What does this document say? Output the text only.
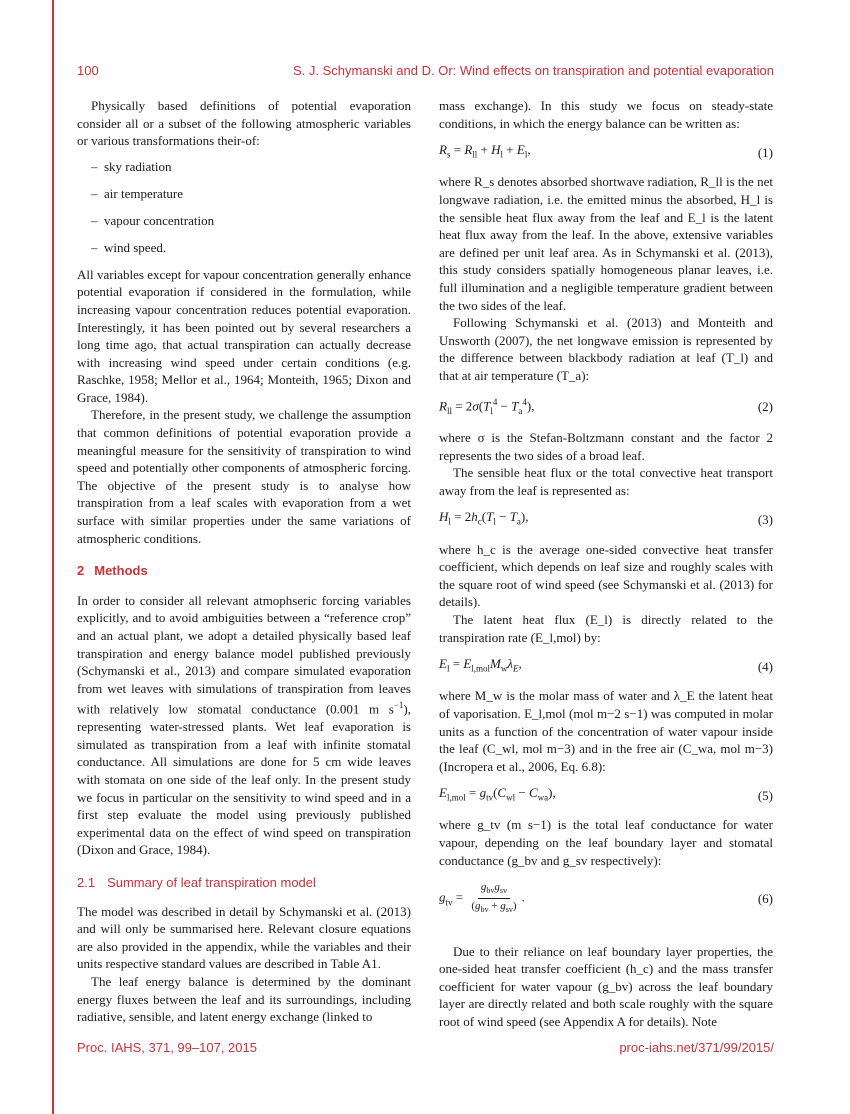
100	S. J. Schymanski and D. Or: Wind effects on transpiration and potential evaporation

Physically based definitions of potential evaporation consider all or a subset of the following atmospheric variables or various transformations their-of:

–  sky radiation
–  air temperature
–  vapour concentration
–  wind speed.

All variables except for vapour concentration generally enhance potential evaporation if considered in the formulation, while increasing vapour concentration reduces potential evaporation. Interestingly, it has been pointed out by several researchers a long time ago, that actual transpiration can actually decrease with increasing wind speed under certain conditions (e.g. Raschke, 1958; Mellor et al., 1964; Monteith, 1965; Dixon and Grace, 1984).

Therefore, in the present study, we challenge the assumption that common definitions of potential evaporation provide a meaningful measure for the sensitivity of transpiration to wind speed and potentially other components of atmospheric forcing. The objective of the present study is to analyse how transpiration from a leaf scales with evaporation from a wet surface with similar properties under the same variations of atmospheric conditions.

2 Methods

In order to consider all relevant atmophseric forcing variables explicitly, and to avoid ambiguities between a “reference crop” and an actual plant, we adopt a detailed physically based leaf transpiration and energy balance model published previously (Schymanski et al., 2013) and compare simulated evaporation from wet leaves with simulations of transpiration from leaves with relatively low stomatal conductance (0.001 m $s^{-1}$), representing water-stressed plants. Wet leaf evaporation is simulated as transpiration from a leaf with infinite stomatal conductance. All simulations are done for 5 cm wide leaves with stomata on one side of the leaf only. In the present study we focus in particular on the sensitivity to wind speed and in a first step evaluate the model using previously published experimental data on the effect of wind speed on transpiration (Dixon and Grace, 1984).

2.1 Summary of leaf transpiration model

The model was described in detail by Schymanski et al. (2013) and will only be summarised here. Relevant closure equations are also provided in the appendix, while the variables and their units respective standard values are described in Table A1.

The leaf energy balance is determined by the dominant energy fluxes between the leaf and its surroundings, including radiative, sensible, and latent energy exchange (linked to

mass exchange). In this study we focus on steady-state conditions, in which the energy balance can be written as:

$R_s = R_{ll} + H_l + E_l$,	(1)

where R_s denotes absorbed shortwave radiation, R_ll is the net longwave radiation, i.e. the emitted minus the absorbed, H_l is the sensible heat flux away from the leaf and E_l is the latent heat flux away from the leaf. In the above, extensive variables are defined per unit leaf area. As in Schymanski et al. (2013), this study considers spatially homogeneous planar leaves, i.e. full illumination and a negligible temperature gradient between the two sides of the leaf.

Following Schymanski et al. (2013) and Monteith and Unsworth (2007), the net longwave emission is represented by the difference between blackbody radiation at leaf (T_l) and that at air temperature (T_a):

$R_{ll} = 2\sigma(T_l^4 - T_a^4)$,	(2)

where σ is the Stefan-Boltzmann constant and the factor 2 represents the two sides of a broad leaf.

The sensible heat flux or the total convective heat transport away from the leaf is represented as:

$H_l = 2h_c(T_l - T_a)$,	(3)

where h_c is the average one-sided convective heat transfer coefficient, which depends on leaf size and roughly scales with the square root of wind speed (see Schymanski et al. (2013) for details).

The latent heat flux (E_l) is directly related to the transpiration rate (E_l,mol) by:

$E_l = E_{l,mol}M_w\lambda_E$,	(4)

where M_w is the molar mass of water and λ_E the latent heat of vaporisation. E_l,mol (mol m−2 s−1) was computed in molar units as a function of the concentration of water vapour inside the leaf (C_wl, mol m−3) and in the free air (C_wa, mol m−3) (Incropera et al., 2006, Eq. 6.8):

$E_{l,mol} = g_{tv}(C_{wl} - C_{wa})$,	(5)

where g_tv (m s−1) is the total leaf conductance for water vapour, depending on the leaf boundary layer and stomatal conductance (g_bv and g_sv respectively):

$g_{tv} = \frac{g_{bv}g_{sv}}{(g_{bv} + g_{sv})}$ .	(6)

Due to their reliance on leaf boundary layer properties, the one-sided heat transfer coefficient (h_c) and the mass transfer coefficient for water vapour (g_bv) across the leaf boundary layer are directly related and both scale roughly with the square root of wind speed (see Appendix A for details). Note

Proc. IAHS, 371, 99–107, 2015	proc-iahs.net/371/99/2015/
